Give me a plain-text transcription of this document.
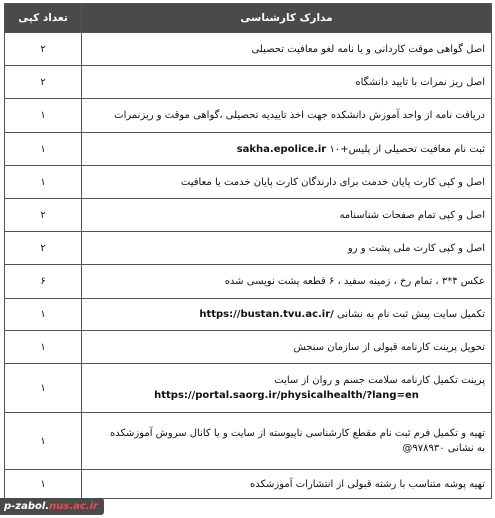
مدارک کارشناسی	تعداد کپی

اصل گواهی موقت کاردانی و یا نامه لغو معافیت تحصیلی	۲

اصل ریز نمرات با تایید دانشگاه	۲

دریافت نامه از واحد آموزش دانشکده جهت اخذ تاییدیه تحصیلی ،گواهی موقت و ریزنمرات	۱

ثبت نام معافیت تحصیلی از پلیس+۱۰ sakha.epolice.ir	۱

اصل و کپی کارت پایان خدمت برای دارندگان کارت پایان خدمت یا معافیت	۱

اصل و کپی تمام صفحات شناسنامه	۲

اصل و کپی کارت ملی پشت و رو	۲

عکس ۴*۳ ، تمام رخ ، زمینه سفید ، ۶ قطعه پشت نویسی شده	۶

تکمیل سایت پیش ثبت نام به نشانی https://bustan.tvu.ac.ir/	۱

تحویل پرینت کارنامه قبولی از سازمان سنجش	۱

پرینت تکمیل کارنامه سلامت جسم و روان از سایت
https://portal.saorg.ir/physicalhealth/?lang=en	۱

تهیه و تکمیل فرم ثبت نام مقطع کارشناسی ناپیوسته از سایت و یا کانال سروش آموزشکده
به نشانی ۹۷۸۹۳۰@	۱

تهیه پوشه متناسب با رشته قبولی از انتشارات آموزشکده	۱
p-zabol.nus.ac.ir
